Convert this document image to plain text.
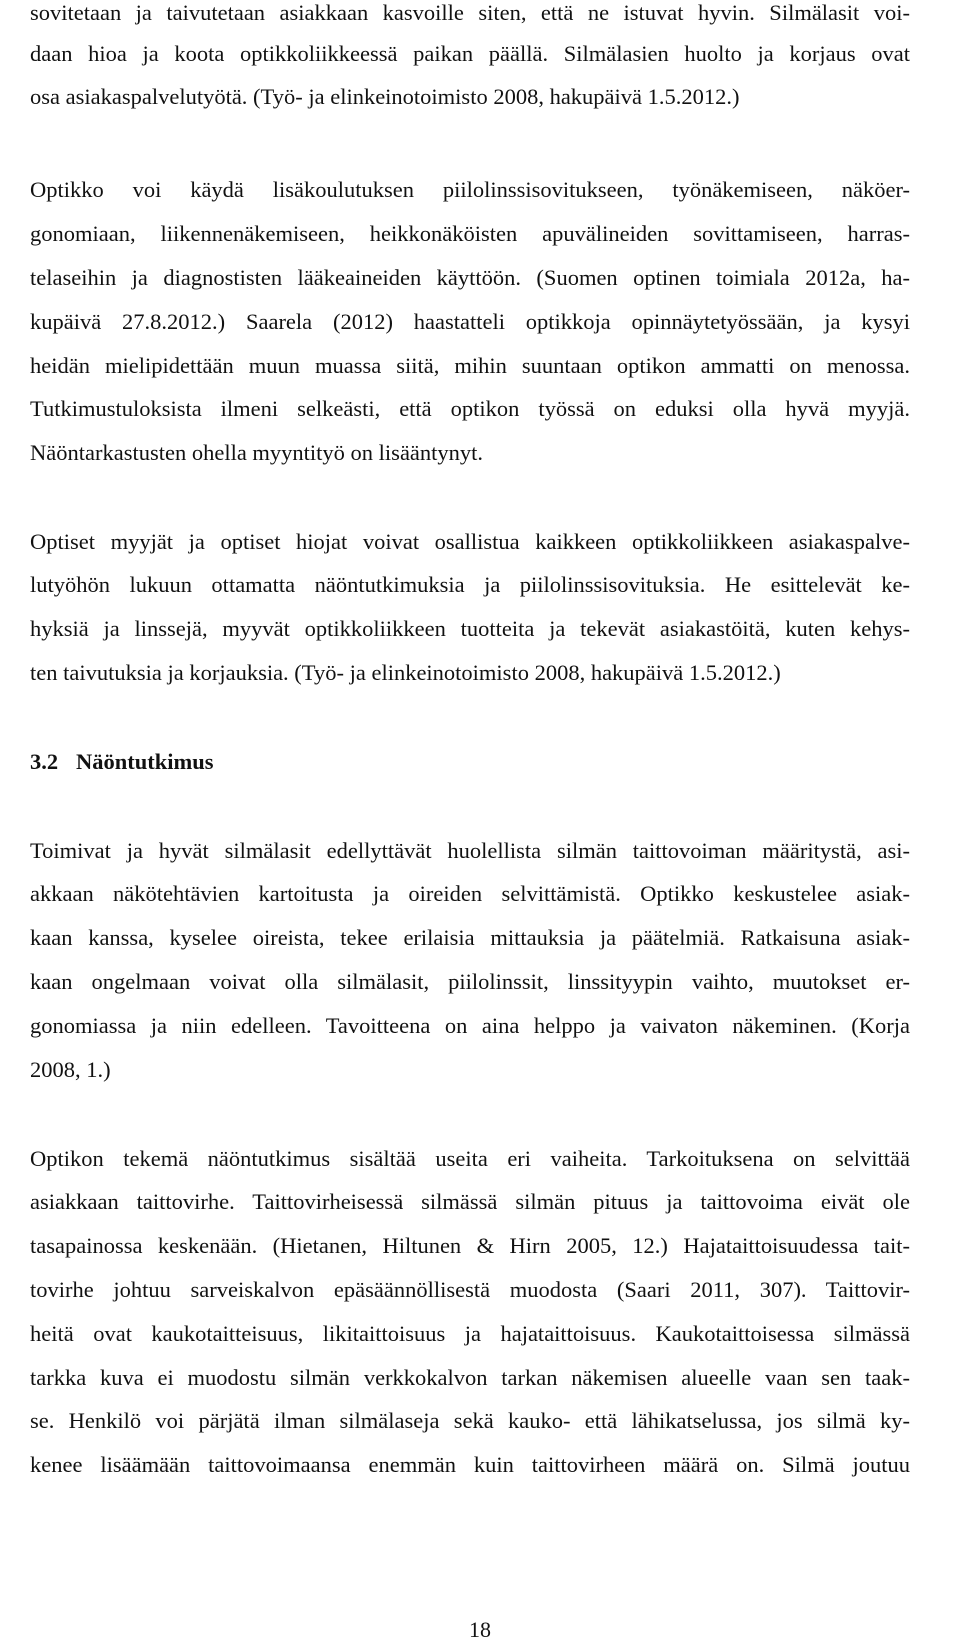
sovitetaan ja taivutetaan asiakkaan kasvoille siten, että ne istuvat hyvin. Silmälasit voi-
daan hioa ja koota optikkoliikkeessä paikan päällä. Silmälasien huolto ja korjaus ovat
osa asiakaspalvelutyötä. (Työ- ja elinkeinotoimisto 2008, hakupäivä 1.5.2012.)
Optikko voi käydä lisäkoulutuksen piilolinssisovitukseen, työnäkemiseen, näköer-
gonomiaan, liikennenäkemiseen, heikkonäköisten apuvälineiden sovittamiseen, harras-
telaseihin ja diagnostisten lääkeaineiden käyttöön. (Suomen optinen toimiala 2012a, ha-
kupäivä 27.8.2012.) Saarela (2012) haastatteli optikkoja opinnäytetyössään, ja kysyi
heidän mielipidettään muun muassa siitä, mihin suuntaan optikon ammatti on menossa.
Tutkimustuloksista ilmeni selkeästi, että optikon työssä on eduksi olla hyvä myyjä.
Näöntarkastusten ohella myyntityö on lisääntynyt.
Optiset myyjät ja optiset hiojat voivat osallistua kaikkeen optikkoliikkeen asiakaspalve-
lutyöhön lukuun ottamatta näöntutkimuksia ja piilolinssisovituksia. He esittelevät ke-
hyksiä ja linssejä, myyvät optikkoliikkeen tuotteita ja tekevät asiakastöitä, kuten kehys-
ten taivutuksia ja korjauksia. (Työ- ja elinkeinotoimisto 2008, hakupäivä 1.5.2012.)
3.2 Näöntutkimus
Toimivat ja hyvät silmälasit edellyttävät huolellista silmän taittovoiman määritystä, asi-
akkaan näkötehtävien kartoitusta ja oireiden selvittämistä. Optikko keskustelee asiak-
kaan kanssa, kyselee oireista, tekee erilaisia mittauksia ja päätelmiä. Ratkaisuna asiak-
kaan ongelmaan voivat olla silmälasit, piilolinssit, linssityypin vaihto, muutokset er-
gonomiassa ja niin edelleen. Tavoitteena on aina helppo ja vaivaton näkeminen. (Korja
2008, 1.)
Optikon tekemä näöntutkimus sisältää useita eri vaiheita. Tarkoituksena on selvittää
asiakkaan taittovirhe. Taittovirheisessä silmässä silmän pituus ja taittovoima eivät ole
tasapainossa keskenään. (Hietanen, Hiltunen & Hirn 2005, 12.) Hajataittoisuudessa tait-
tovirhe johtuu sarveiskalvon epäsäännöllisestä muodosta (Saari 2011, 307). Taittovir-
heitä ovat kaukotaitteisuus, likitaittoisuus ja hajataittoisuus. Kaukotaittoisessa silmässä
tarkka kuva ei muodostu silmän verkkokalvon tarkan näkemisen alueelle vaan sen taak-
se. Henkilö voi pärjätä ilman silmälaseja sekä kauko- että lähikatselussa, jos silmä ky-
kenee lisäämään taittovoimaansa enemmän kuin taittovirheen määrä on. Silmä joutuu
18
